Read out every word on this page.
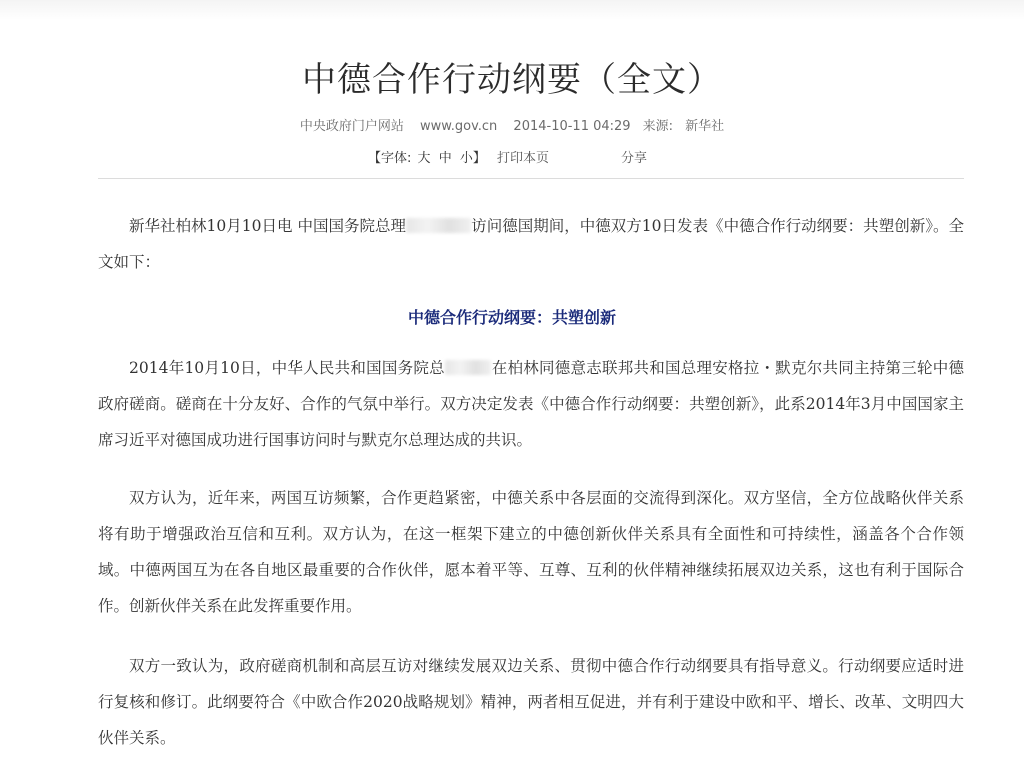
中德合作行动纲要（全文）
中央政府门户网站 www.gov.cn 2014-10-11 04:29 来源: 新华社
【字体: 大 中 小】 打印本页	分享

新华社柏林10月10日电 中国国务院总理	访问德国期间，中德双方10日发表《中德合作行动纲要：共塑创新》。全文如下：

中德合作行动纲要：共塑创新

2014年10月10日，中华人民共和国国务院总	在柏林同德意志联邦共和国总理安格拉・默克尔共同主持第三轮中德政府磋商。磋商在十分友好、合作的气氛中举行。双方决定发表《中德合作行动纲要：共塑创新》，此系2014年3月中国国家主席习近平对德国成功进行国事访问时与默克尔总理达成的共识。

双方认为，近年来，两国互访频繁，合作更趋紧密，中德关系中各层面的交流得到深化。双方坚信，全方位战略伙伴关系将有助于增强政治互信和互利。双方认为，在这一框架下建立的中德创新伙伴关系具有全面性和可持续性，涵盖各个合作领域。中德两国互为在各自地区最重要的合作伙伴，愿本着平等、互尊、互利的伙伴精神继续拓展双边关系，这也有利于国际合作。创新伙伴关系在此发挥重要作用。

双方一致认为，政府磋商机制和高层互访对继续发展双边关系、贯彻中德合作行动纲要具有指导意义。行动纲要应适时进行复核和修订。此纲要符合《中欧合作2020战略规划》精神，两者相互促进，并有利于建设中欧和平、增长、改革、文明四大伙伴关系。
